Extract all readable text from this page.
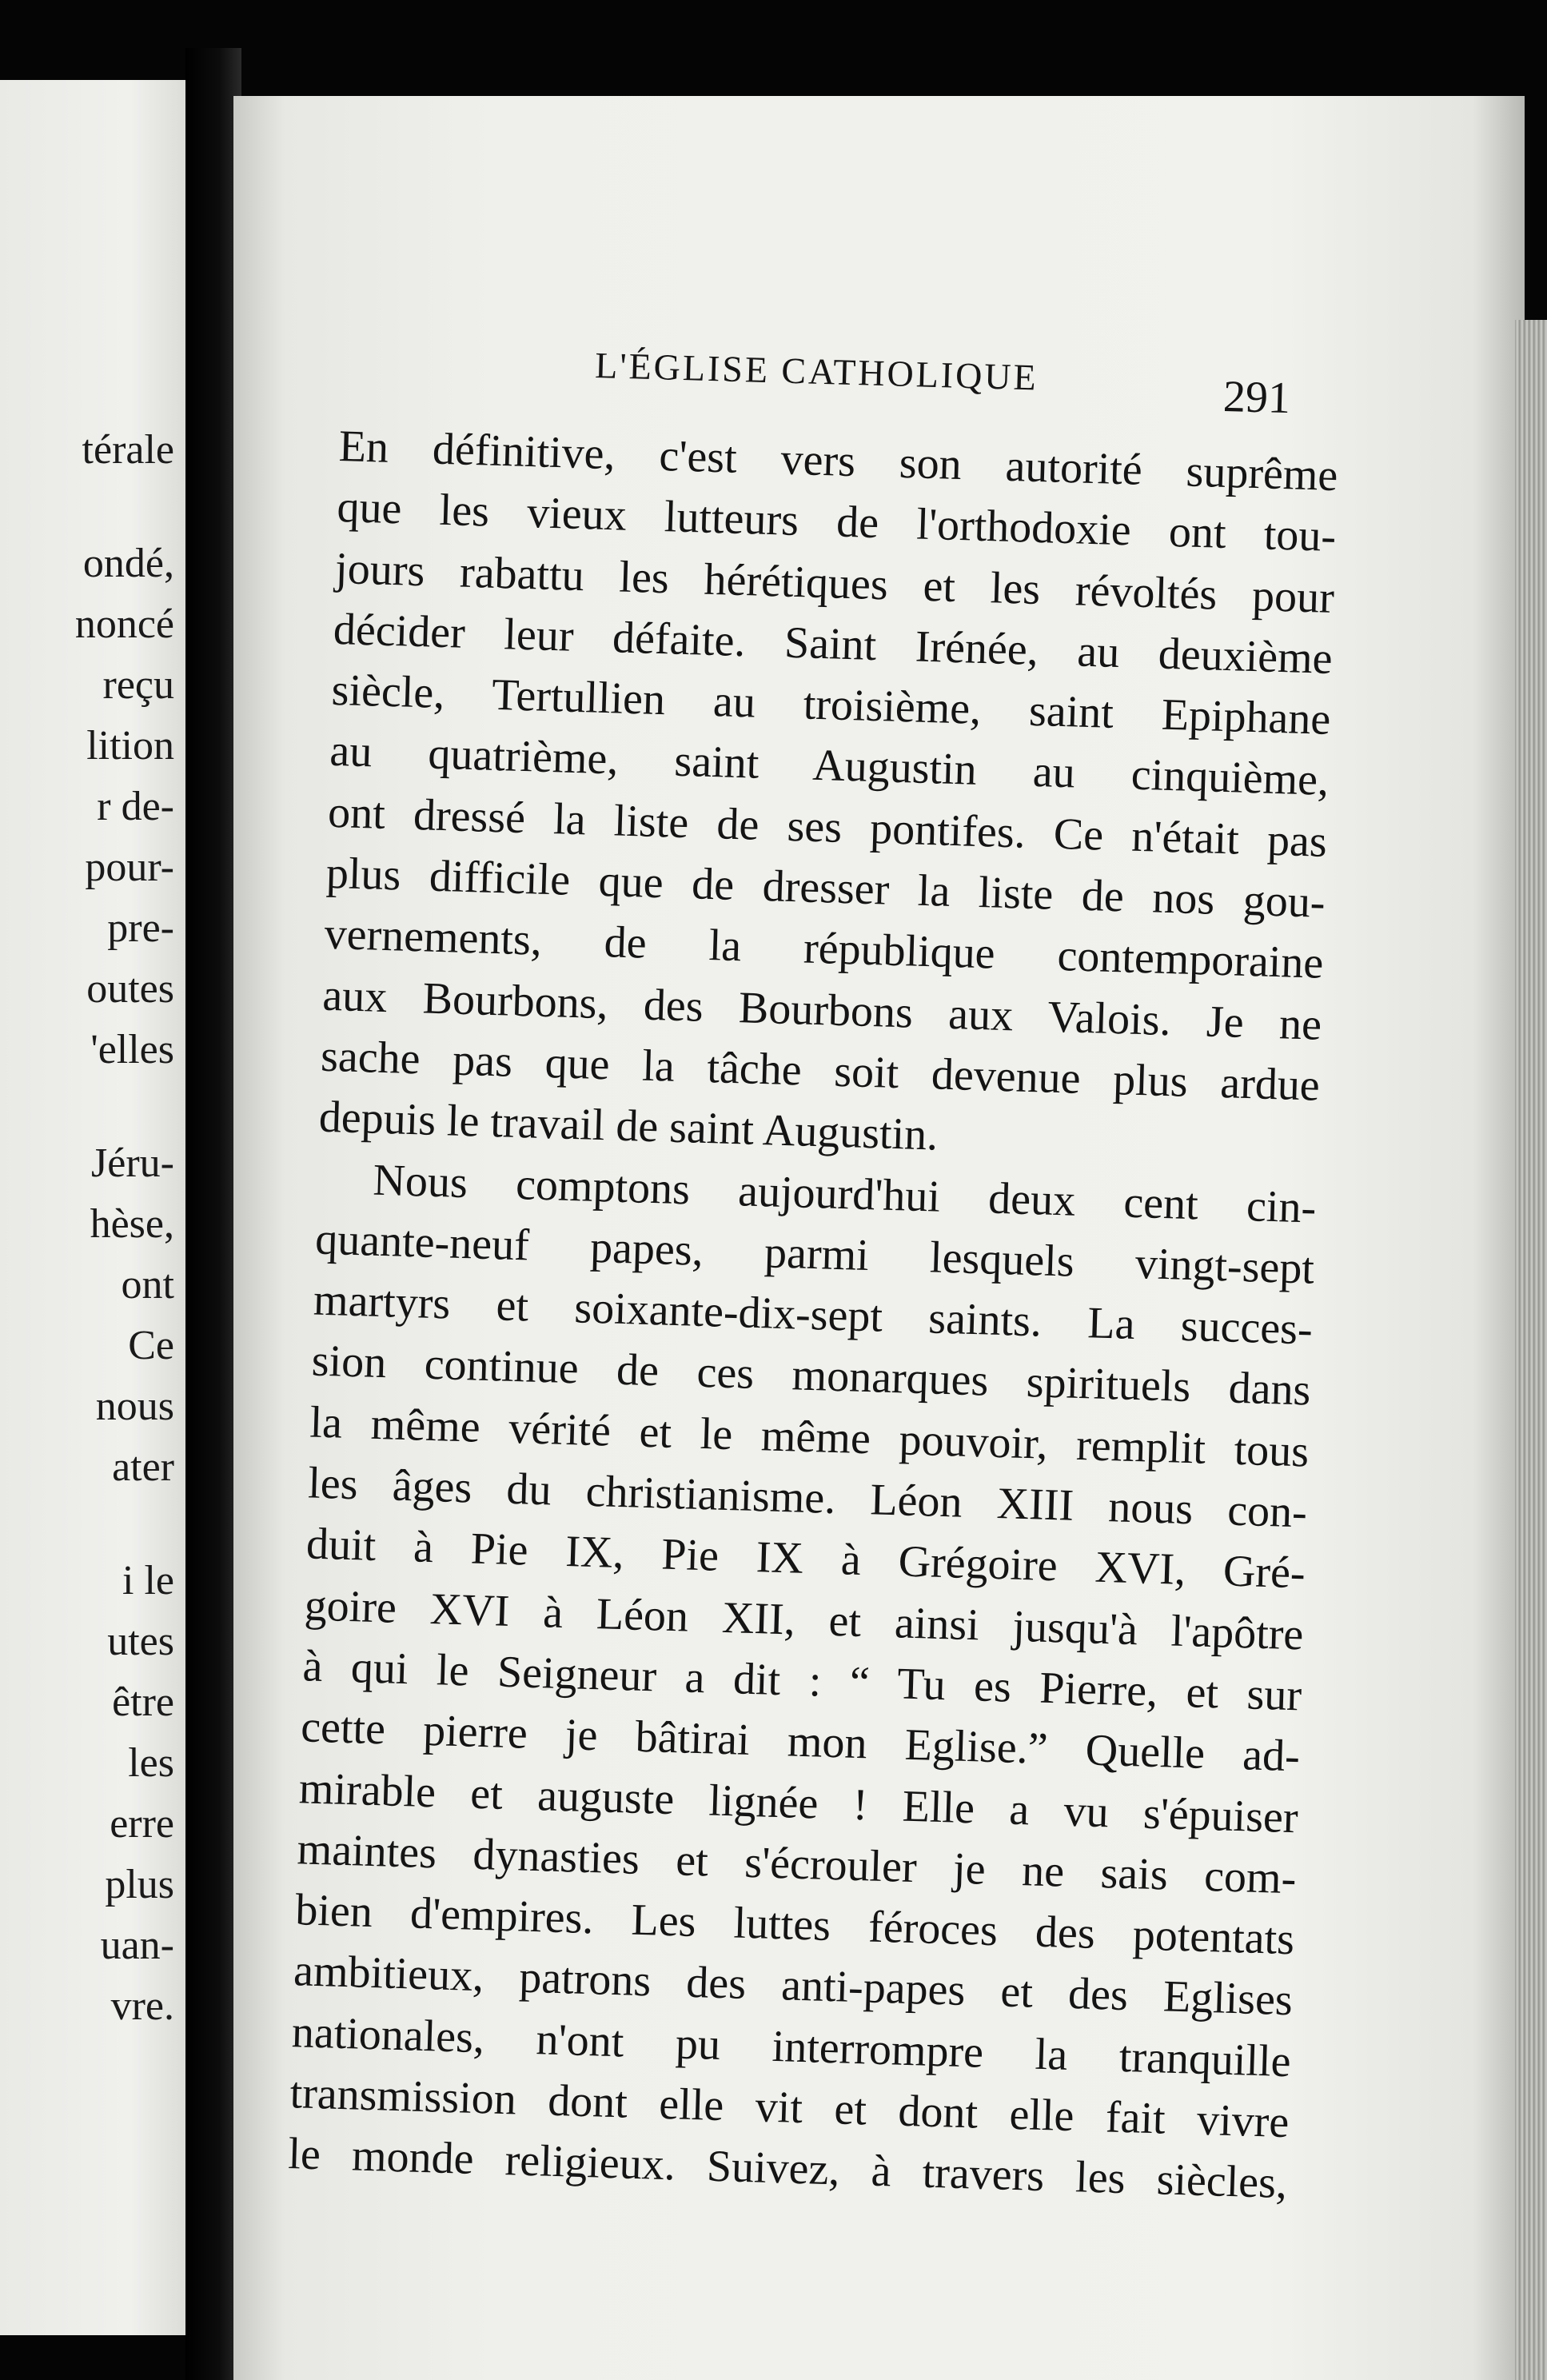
térale
ondé,
noncé
reçu
lition
r de-
pour-
pre-
outes
'elles
Jéru-
hèse,
ont
Ce
nous
ater
i le
utes
être
les
erre
plus
uan-
vre.
L'ÉGLISE CATHOLIQUE	291
En définitive, c'est vers son autorité suprême
que les vieux lutteurs de l'orthodoxie ont tou-
jours rabattu les hérétiques et les révoltés pour
décider leur défaite. Saint Irénée, au deuxième
siècle, Tertullien au troisième, saint Epiphane
au quatrième, saint Augustin au cinquième,
ont dressé la liste de ses pontifes. Ce n'était pas
plus difficile que de dresser la liste de nos gou-
vernements, de la république contemporaine
aux Bourbons, des Bourbons aux Valois. Je ne
sache pas que la tâche soit devenue plus ardue
depuis le travail de saint Augustin.
Nous comptons aujourd'hui deux cent cin-
quante-neuf papes, parmi lesquels vingt-sept
martyrs et soixante-dix-sept saints. La succes-
sion continue de ces monarques spirituels dans
la même vérité et le même pouvoir, remplit tous
les âges du christianisme. Léon XIII nous con-
duit à Pie IX, Pie IX à Grégoire XVI, Gré-
goire XVI à Léon XII, et ainsi jusqu'à l'apôtre
à qui le Seigneur a dit : “ Tu es Pierre, et sur
cette pierre je bâtirai mon Eglise.” Quelle ad-
mirable et auguste lignée ! Elle a vu s'épuiser
maintes dynasties et s'écrouler je ne sais com-
bien d'empires. Les luttes féroces des potentats
ambitieux, patrons des anti-papes et des Eglises
nationales, n'ont pu interrompre la tranquille
transmission dont elle vit et dont elle fait vivre
le monde religieux. Suivez, à travers les siècles,
